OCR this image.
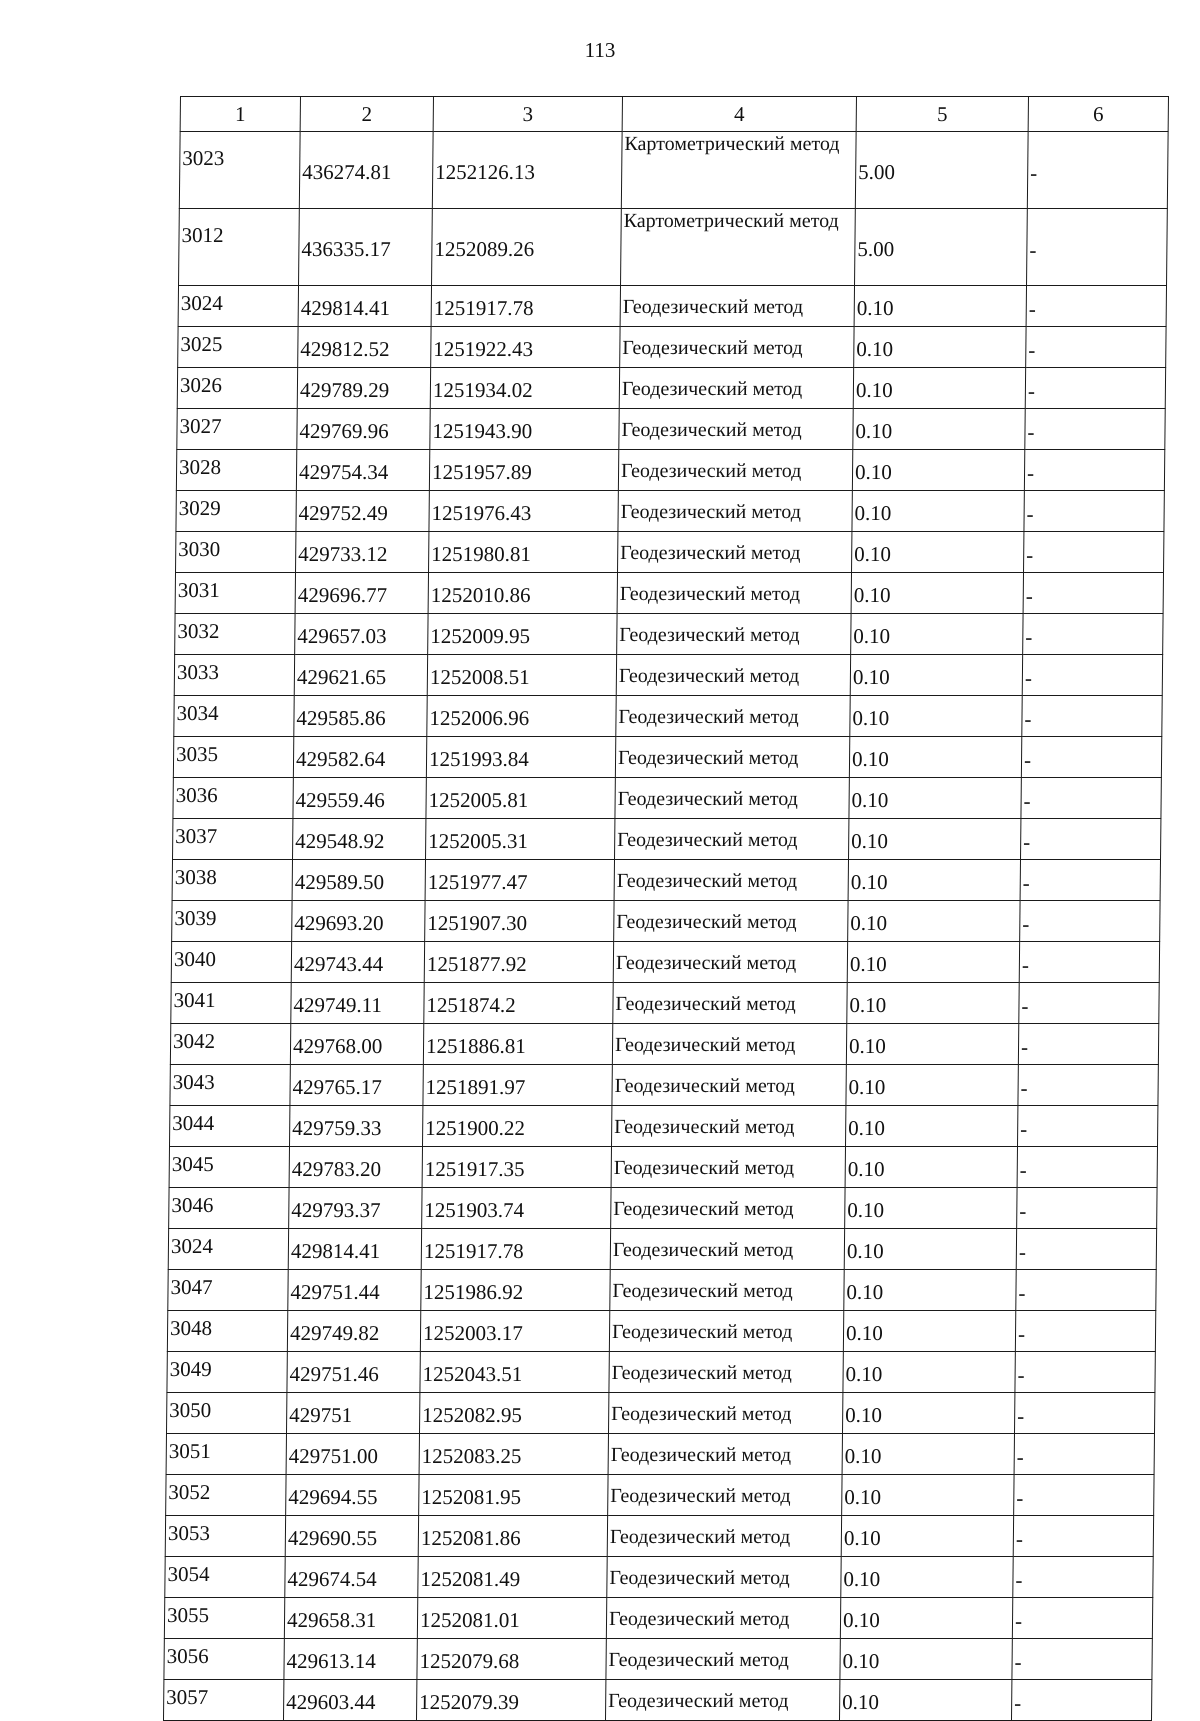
113
1	2	3	4	5	6
3023	436274.81	1252126.13	Картометрический метод	5.00	-
3012	436335.17	1252089.26	Картометрический метод	5.00	-
3024	429814.41	1251917.78	Геодезический метод	0.10	-
3025	429812.52	1251922.43	Геодезический метод	0.10	-
3026	429789.29	1251934.02	Геодезический метод	0.10	-
3027	429769.96	1251943.90	Геодезический метод	0.10	-
3028	429754.34	1251957.89	Геодезический метод	0.10	-
3029	429752.49	1251976.43	Геодезический метод	0.10	-
3030	429733.12	1251980.81	Геодезический метод	0.10	-
3031	429696.77	1252010.86	Геодезический метод	0.10	-
3032	429657.03	1252009.95	Геодезический метод	0.10	-
3033	429621.65	1252008.51	Геодезический метод	0.10	-
3034	429585.86	1252006.96	Геодезический метод	0.10	-
3035	429582.64	1251993.84	Геодезический метод	0.10	-
3036	429559.46	1252005.81	Геодезический метод	0.10	-
3037	429548.92	1252005.31	Геодезический метод	0.10	-
3038	429589.50	1251977.47	Геодезический метод	0.10	-
3039	429693.20	1251907.30	Геодезический метод	0.10	-
3040	429743.44	1251877.92	Геодезический метод	0.10	-
3041	429749.11	1251874.2	Геодезический метод	0.10	-
3042	429768.00	1251886.81	Геодезический метод	0.10	-
3043	429765.17	1251891.97	Геодезический метод	0.10	-
3044	429759.33	1251900.22	Геодезический метод	0.10	-
3045	429783.20	1251917.35	Геодезический метод	0.10	-
3046	429793.37	1251903.74	Геодезический метод	0.10	-
3024	429814.41	1251917.78	Геодезический метод	0.10	-
3047	429751.44	1251986.92	Геодезический метод	0.10	-
3048	429749.82	1252003.17	Геодезический метод	0.10	-
3049	429751.46	1252043.51	Геодезический метод	0.10	-
3050	429751	1252082.95	Геодезический метод	0.10	-
3051	429751.00	1252083.25	Геодезический метод	0.10	-
3052	429694.55	1252081.95	Геодезический метод	0.10	-
3053	429690.55	1252081.86	Геодезический метод	0.10	-
3054	429674.54	1252081.49	Геодезический метод	0.10	-
3055	429658.31	1252081.01	Геодезический метод	0.10	-
3056	429613.14	1252079.68	Геодезический метод	0.10	-
3057	429603.44	1252079.39	Геодезический метод	0.10	-
